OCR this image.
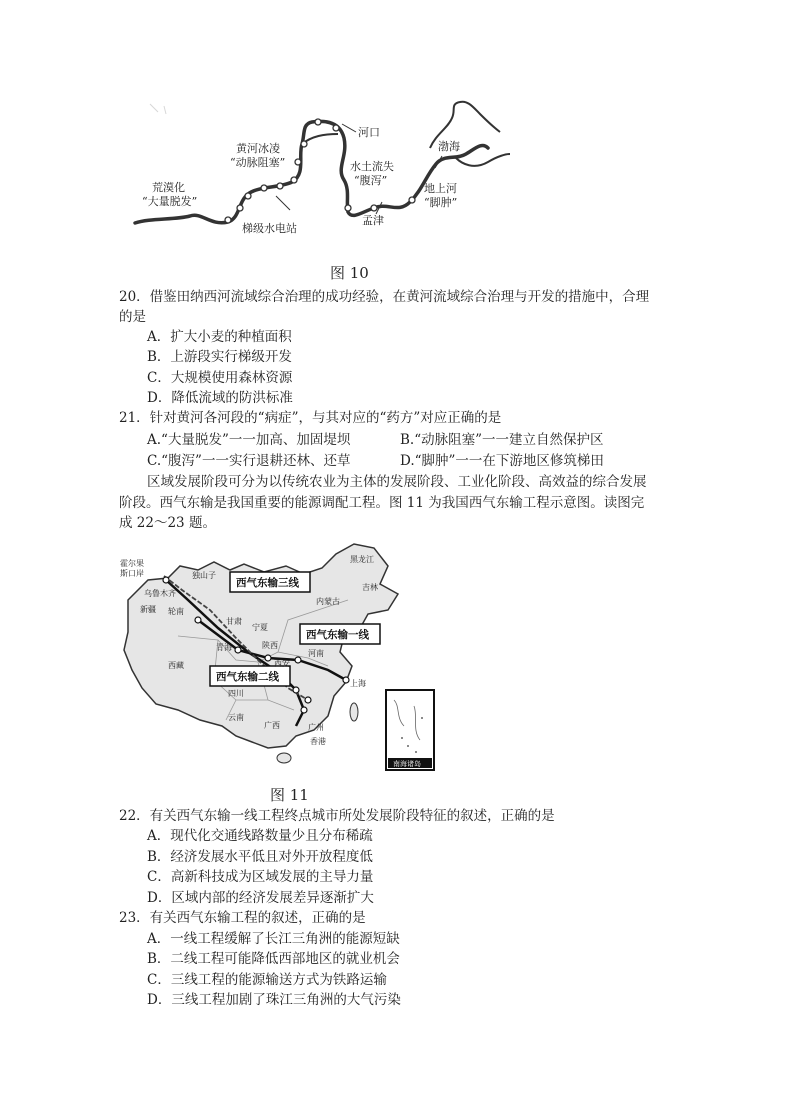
荒漠化
“大量脱发”
黄河冰凌
“动脉阻塞”
河口
水土流失
“腹泻”
渤海
地上河
“脚肿”
孟津
梯级水电站
图 10
20．借鉴田纳西河流域综合治理的成功经验，在黄河流域综合治理与开发的措施中，合理
的是
A．扩大小麦的种植面积
B．上游段实行梯级开发
C．大规模使用森林资源
D．降低流域的防洪标准
21．针对黄河各河段的“病症”，与其对应的“药方”对应正确的是
A.“大量脱发”一一加高、加固堤坝	B.“动脉阻塞”一一建立自然保护区
C.“腹泻”一一实行退耕还林、还草	D.“脚肿”一一在下游地区修筑梯田
区域发展阶段可分为以传统农业为主体的发展阶段、工业化阶段、高效益的综合发展
阶段。西气东输是我国重要的能源调配工程。图 11 为我国西气东输工程示意图。读图完
成 22～23 题。
西气东输三线
西气东输一线
西气东输二线
霍尔果
斯口岸	独山子
乌鲁木齐
新疆 轮南
西藏
青海
甘肃
宁夏
内蒙古
黑龙江
吉林
陕西
西安
四川
河南
上海
云南
广西	广州
香港
南海诸岛
图 11
22．有关西气东输一线工程终点城市所处发展阶段特征的叙述，正确的是
A．现代化交通线路数量少且分布稀疏
B．经济发展水平低且对外开放程度低
C．高新科技成为区域发展的主导力量
D．区域内部的经济发展差异逐渐扩大
23．有关西气东输工程的叙述，正确的是
A．一线工程缓解了长江三角洲的能源短缺
B．二线工程可能降低西部地区的就业机会
C．三线工程的能源输送方式为铁路运输
D．三线工程加剧了珠江三角洲的大气污染
